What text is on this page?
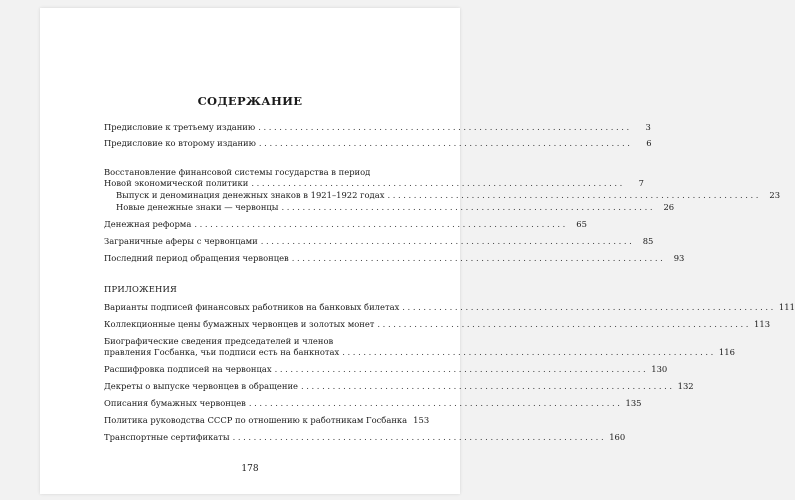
СОДЕРЖАНИЕ
Предисловие к третьему изданию .......................................................................	3
Предисловие ко второму изданию .......................................................................	6
Восстановление финансовой системы государства в период
Новой экономической политики .......................................................................	7
Выпуск и деноминация денежных знаков в 1921–1922 годах ....................................................................... 23
Новые денежные знаки — червонцы ....................................................................... 26
Денежная реформа ....................................................................... 65
Заграничные аферы с червонцами ....................................................................... 85
Последний период обращения червонцев ....................................................................... 93
ПРИЛОЖЕНИЯ
Варианты подписей финансовых работников на банковых билетах ....................................................................... 111
Коллекционные цены бумажных червонцев и золотых монет ....................................................................... 113
Биографические сведения председателей и членов
правления Госбанка, чьи подписи есть на банкнотах ....................................................................... 116
Расшифровка подписей на червонцах ....................................................................... 130
Декреты о выпуске червонцев в обращение ....................................................................... 132
Описания бумажных червонцев ....................................................................... 135
Политика руководства СССР по отношению к работникам Госбанка 153
Транспортные сертификаты ....................................................................... 160
178
